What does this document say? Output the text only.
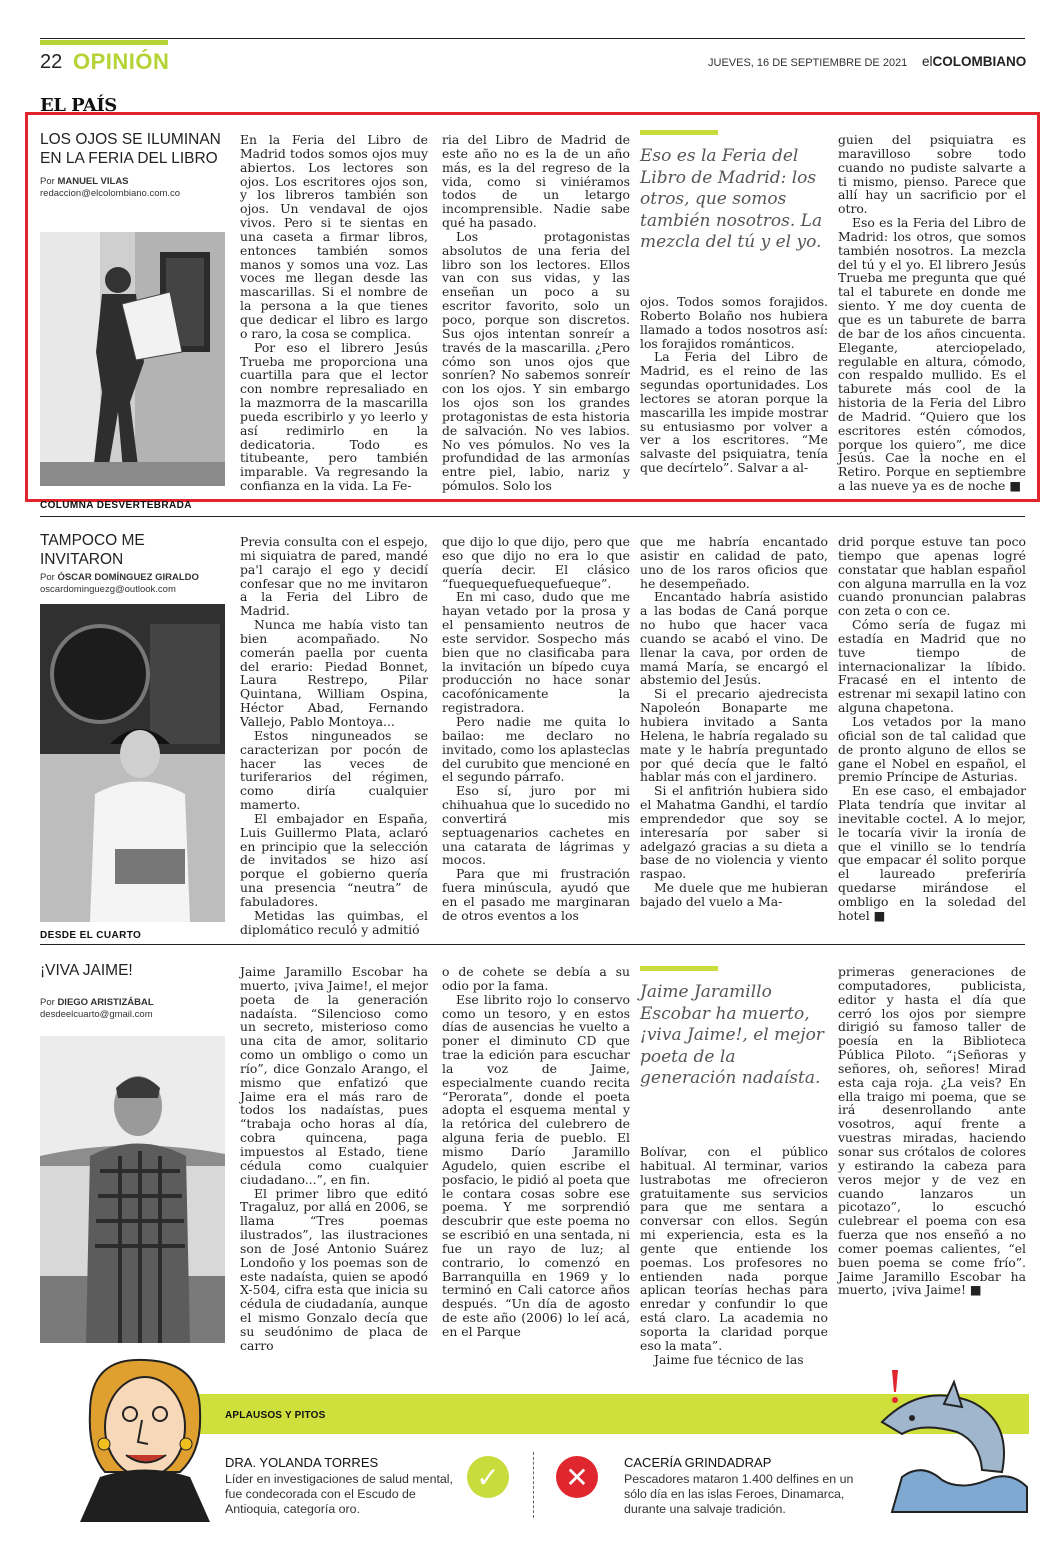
22 OPINIÓN	JUEVES, 16 DE SEPTIEMBRE DE 2021 elCOLOMBIANO
EL PAÍS
LOS OJOS SE ILUMINAN EN LA FERIA DEL LIBRO
Por MANUEL VILAS
redaccion@elcolombiano.com.co

En la Feria del Libro de Madrid todos somos ojos muy abiertos. Los lectores son ojos. Los escritores ojos son, y los libreros también son ojos. Un vendaval de ojos vivos. Pero si te sientas en una caseta a firmar libros, entonces también somos manos y somos una voz. Las voces me llegan desde las mascarillas. Si el nombre de la persona a la que tienes que dedicar el libro es largo o raro, la cosa se complica.

Por eso el librero Jesús Trueba me proporciona una cuartilla para que el lector con nombre represaliado en la mazmorra de la mascarilla pueda escribirlo y yo leerlo y así redimirlo en la dedicatoria. Todo es titubeante, pero también imparable. Va regresando la confianza en la vida. La Fe-

ria del Libro de Madrid de este año no es la de un año más, es la del regreso de la vida, como si viniéramos todos de un letargo incomprensible. Nadie sabe qué ha pasado.

Los protagonistas absolutos de una feria del libro son los lectores. Ellos van con sus vidas, y las enseñan un poco a su escritor favorito, solo un poco, porque son discretos. Sus ojos intentan sonreír a través de la mascarilla. ¿Pero cómo son unos ojos que sonríen? No sabemos sonreír con los ojos. Y sin embargo los ojos son los grandes protagonistas de esta historia de salvación. No ves labios. No ves pómulos. No ves la profundidad de las armonías entre piel, labio, nariz y pómulos. Solo los

Eso es la Feria del Libro de Madrid: los otros, que somos también nosotros. La mezcla del tú y el yo.

ojos. Todos somos forajidos. Roberto Bolaño nos hubiera llamado a todos nosotros así: los forajidos románticos.

La Feria del Libro de Madrid, es el reino de las segundas oportunidades. Los lectores se atoran porque la mascarilla les impide mostrar su entusiasmo por volver a ver a los escritores. “Me salvaste del psiquiatra, tenía que decírtelo”. Salvar a al-

guien del psiquiatra es maravilloso sobre todo cuando no pudiste salvarte a ti mismo, pienso. Parece que allí hay un sacrificio por el otro.

Eso es la Feria del Libro de Madrid: los otros, que somos también nosotros. La mezcla del tú y el yo. El librero Jesús Trueba me pregunta que qué tal el taburete en donde me siento. Y me doy cuenta de que es un taburete de barra de bar de los años cincuenta. Elegante, aterciopelado, regulable en altura, cómodo, con respaldo mullido. Es el taburete más cool de la historia de la Feria del Libro de Madrid. “Quiero que los escritores estén cómodos, porque los quiero”, me dice Jesús. Cae la noche en el Retiro. Porque en septiembre a las nueve ya es de noche ■

COLUMNA DESVERTEBRADA
TAMPOCO ME INVITARON
Por ÓSCAR DOMÍNGUEZ GIRALDO
oscardominguezg@outlook.com

Previa consulta con el espejo, mi siquiatra de pared, mandé pa'l carajo el ego y decidí confesar que no me invitaron a la Feria del Libro de Madrid.

Nunca me había visto tan bien acompañado. No comerán paella por cuenta del erario: Piedad Bonnet, Laura Restrepo, Pilar Quintana, William Ospina, Héctor Abad, Fernando Vallejo, Pablo Montoya...

Estos ninguneados se caracterizan por pocón de hacer las veces de turiferarios del régimen, como diría cualquier mamerto.

El embajador en España, Luis Guillermo Plata, aclaró en principio que la selección de invitados se hizo así porque el gobierno quería una presencia “neutra” de fabuladores.

Metidas las quimbas, el diplomático reculó y admitió

que dijo lo que dijo, pero que eso que dijo no era lo que quería decir. El clásico “fuequequefuequefueque”.

En mi caso, dudo que me hayan vetado por la prosa y el pensamiento neutros de este servidor. Sospecho más bien que no clasificaba para la invitación un bípedo cuya producción no hace sonar cacofónicamente la registradora.

Pero nadie me quita lo bailao: me declaro no invitado, como los aplasteclas del curubito que mencioné en el segundo párrafo.

Eso sí, juro por mi chihuahua que lo sucedido no convertirá mis septuagenarios cachetes en una catarata de lágrimas y mocos.

Para que mi frustración fuera minúscula, ayudó que en el pasado me marginaran de otros eventos a los

que me habría encantado asistir en calidad de pato, uno de los raros oficios que he desempeñado.

Encantado habría asistido a las bodas de Caná porque no hubo que hacer vaca cuando se acabó el vino. De llenar la cava, por orden de mamá María, se encargó el abstemio del Jesús.

Si el precario ajedrecista Napoleón Bonaparte me hubiera invitado a Santa Helena, le habría regalado su mate y le habría preguntado por qué decía que le faltó hablar más con el jardinero.

Si el anfitrión hubiera sido el Mahatma Gandhi, el tardío emprendedor que soy se interesaría por saber si adelgazó gracias a su dieta a base de no violencia y viento raspao.

Me duele que me hubieran bajado del vuelo a Ma-

drid porque estuve tan poco tiempo que apenas logré constatar que hablan español con alguna marrulla en la voz cuando pronuncian palabras con zeta o con ce.

Cómo sería de fugaz mi estadía en Madrid que no tuve tiempo de internacionalizar la líbido. Fracasé en el intento de estrenar mi sexapil latino con alguna chapetona.

Los vetados por la mano oficial son de tal calidad que de pronto alguno de ellos se gane el Nobel en español, el premio Príncipe de Asturias.

En ese caso, el embajador Plata tendría que invitar al inevitable coctel. A lo mejor, le tocaría vivir la ironía de que el vinillo se lo tendría que empacar él solito porque el laureado preferiría quedarse mirándose el ombligo en la soledad del hotel ■

DESDE EL CUARTO
¡VIVA JAIME!
Por DIEGO ARISTIZÁBAL
desdeelcuarto@gmail.com

Jaime Jaramillo Escobar ha muerto, ¡viva Jaime!, el mejor poeta de la generación nadaísta. “Silencioso como un secreto, misterioso como una cita de amor, solitario como un ombligo o como un río”, dice Gonzalo Arango, el mismo que enfatizó que Jaime era el más raro de todos los nadaístas, pues “trabaja ocho horas al día, cobra quincena, paga impuestos al Estado, tiene cédula como cualquier ciudadano...”, en fin.

El primer libro que editó Tragaluz, por allá en 2006, se llama “Tres poemas ilustrados”, las ilustraciones son de José Antonio Suárez Londoño y los poemas son de este nadaísta, quien se apodó X-504, cifra esta que inicia su cédula de ciudadanía, aunque el mismo Gonzalo decía que su seudónimo de placa de carro

o de cohete se debía a su odio por la fama.

Ese librito rojo lo conservo como un tesoro, y en estos días de ausencias he vuelto a poner el diminuto CD que trae la edición para escuchar la voz de Jaime, especialmente cuando recita “Perorata”, donde el poeta adopta el esquema mental y la retórica del culebrero de alguna feria de pueblo. El mismo Darío Jaramillo Agudelo, quien escribe el posfacio, le pidió al poeta que le contara cosas sobre ese poema. Y me sorprendió descubrir que este poema no se escribió en una sentada, ni fue un rayo de luz; al contrario, lo comenzó en Barranquilla en 1969 y lo terminó en Cali catorce años después. “Un día de agosto de este año (2006) lo leí acá, en el Parque

Jaime Jaramillo Escobar ha muerto, ¡viva Jaime!, el mejor poeta de la generación nadaísta.

Bolívar, con el público habitual. Al terminar, varios lustrabotas me ofrecieron gratuitamente sus servicios para que me sentara a conversar con ellos. Según mi experiencia, esta es la gente que entiende los poemas. Los profesores no entienden nada porque aplican teorías hechas para enredar y confundir lo que está claro. La academia no soporta la claridad porque eso la mata”.

Jaime fue técnico de las

primeras generaciones de computadores, publicista, editor y hasta el día que cerró los ojos por siempre dirigió su famoso taller de poesía en la Biblioteca Pública Piloto. “¡Señoras y señores, oh, señores! Mirad esta caja roja. ¿La veis? En ella traigo mi poema, que se irá desenrollando ante vosotros, aquí frente a vuestras miradas, haciendo sonar sus crótalos de colores y estirando la cabeza para veros mejor y de vez en cuando lanzaros un picotazo”, lo escuchó culebrear el poema con esa fuerza que nos enseñó a no comer poemas calientes, “el buen poema se come frío”. Jaime Jaramillo Escobar ha muerto, ¡viva Jaime! ■

APLAUSOS Y PITOS
DRA. YOLANDA TORRES
Líder en investigaciones de salud mental, fue condecorada con el Escudo de Antioquia, categoría oro.
✓	✕	CACERÍA GRINDADRAP
Pescadores mataron 1.400 delfines en un sólo día en las islas Feroes, Dinamarca, durante una salvaje tradición.
